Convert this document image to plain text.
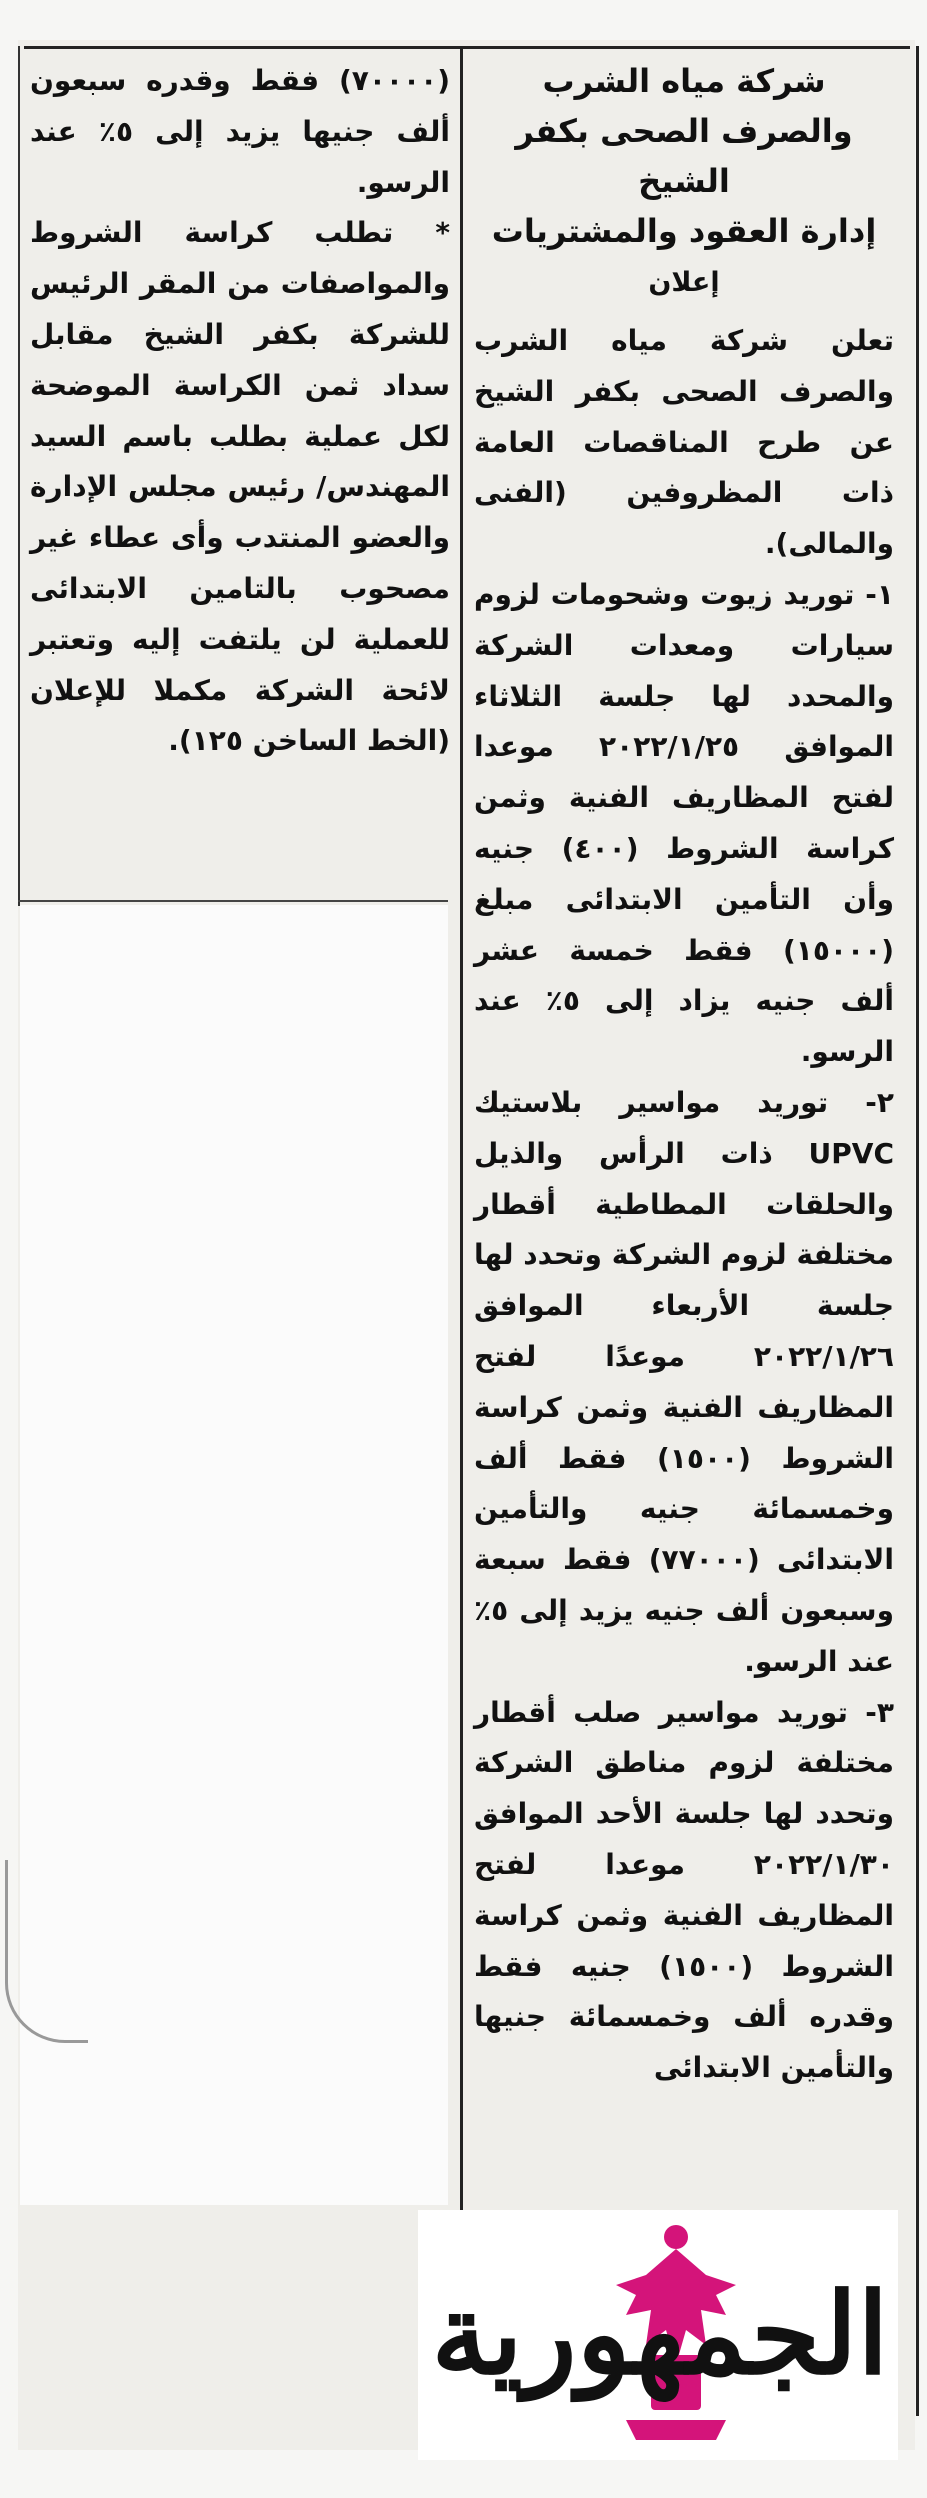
شركة مياه الشرب والصرف الصحى بكفر الشيخ

إدارة العقود والمشتريات

إعلان

تعلن شركة مياه الشرب والصرف الصحى بكفر الشيخ عن طرح المناقصات العامة ذات المظروفين (الفنى والمالى).

١- توريد زيوت وشحومات لزوم سيارات ومعدات الشركة والمحدد لها جلسة الثلاثاء الموافق ٢٠٢٢/١/٢٥ موعدا لفتح المظاريف الفنية وثمن كراسة الشروط (٤٠٠) جنيه وأن التأمين الابتدائى مبلغ (١٥٠٠٠) فقط خمسة عشر ألف جنيه يزاد إلى ٥٪ عند الرسو.

٢- توريد مواسير بلاستيك UPVC ذات الرأس والذيل والحلقات المطاطية أقطار مختلفة لزوم الشركة وتحدد لها جلسة الأربعاء الموافق ٢٠٢٢/١/٢٦ موعدًا لفتح المظاريف الفنية وثمن كراسة الشروط (١٥٠٠) فقط ألف وخمسمائة جنيه والتأمين الابتدائى (٧٧٠٠٠) فقط سبعة وسبعون ألف جنيه يزيد إلى ٥٪ عند الرسو.

٣- توريد مواسير صلب أقطار مختلفة لزوم مناطق الشركة وتحدد لها جلسة الأحد الموافق ٢٠٢٢/١/٣٠ موعدا لفتح المظاريف الفنية وثمن كراسة الشروط (١٥٠٠) جنيه فقط وقدره ألف وخمسمائة جنيها والتأمين الابتدائى

(٧٠٠٠٠) فقط وقدره سبعون ألف جنيها يزيد إلى ٥٪ عند الرسو.

* تطلب كراسة الشروط والمواصفات من المقر الرئيس للشركة بكفر الشيخ مقابل سداد ثمن الكراسة الموضحة لكل عملية بطلب باسم السيد المهندس/ رئيس مجلس الإدارة والعضو المنتدب وأى عطاء غير مصحوب بالتامين الابتدائى للعملية لن يلتفت إليه وتعتبر لائحة الشركة مكملا للإعلان (الخط الساخن ١٢٥).

الجمهورية
